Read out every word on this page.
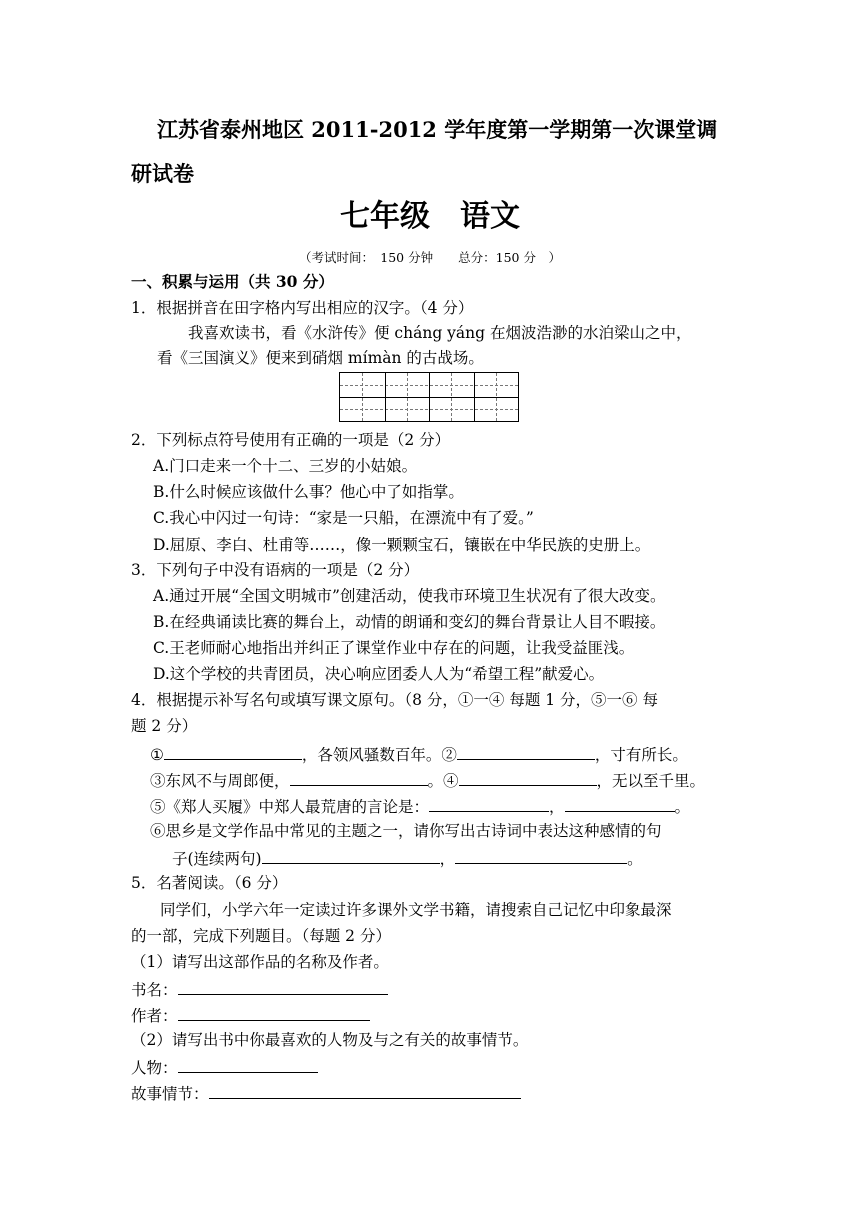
江苏省泰州地区 2011-2012 学年度第一学期第一次课堂调
研试卷
七年级　语文
（考试时间：　150 分钟　　总分：150 分　）
一、积累与运用（共 30 分）
1．根据拼音在田字格内写出相应的汉字。（4 分）
我喜欢读书，看《水浒传》便 cháng yáng 在烟波浩渺的水泊梁山之中，
看《三国演义》便来到硝烟 mímàn 的古战场。
2．下列标点符号使用有正确的一项是（2 分）
A.门口走来一个十二、三岁的小姑娘。
B.什么时候应该做什么事？他心中了如指掌。
C.我心中闪过一句诗：“家是一只船，在漂流中有了爱。”
D.屈原、李白、杜甫等……，像一颗颗宝石，镶嵌在中华民族的史册上。
3．下列句子中没有语病的一项是（2 分）
A.通过开展“全国文明城市”创建活动，使我市环境卫生状况有了很大改变。
B.在经典诵读比赛的舞台上，动情的朗诵和变幻的舞台背景让人目不暇接。
C.王老师耐心地指出并纠正了课堂作业中存在的问题，让我受益匪浅。
D.这个学校的共青团员，决心响应团委人人为“希望工程”献爱心。
4．根据提示补写名句或填写课文原句。（8 分，①一④ 每题 1 分，⑤一⑥ 每
题 2 分）
①	，各领风骚数百年。②	，寸有所长。
③东风不与周郎便，	。④	，无以至千里。
⑤《郑人买履》中郑人最荒唐的言论是：	，	。
⑥思乡是文学作品中常见的主题之一，请你写出古诗词中表达这种感情的句
子(连续两句)	，	。
5．名著阅读。（6 分）
同学们，小学六年一定读过许多课外文学书籍，请搜索自己记忆中印象最深
的一部，完成下列题目。（每题 2 分）
（1）请写出这部作品的名称及作者。
书名：
作者：
（2）请写出书中你最喜欢的人物及与之有关的故事情节。
人物：
故事情节：
